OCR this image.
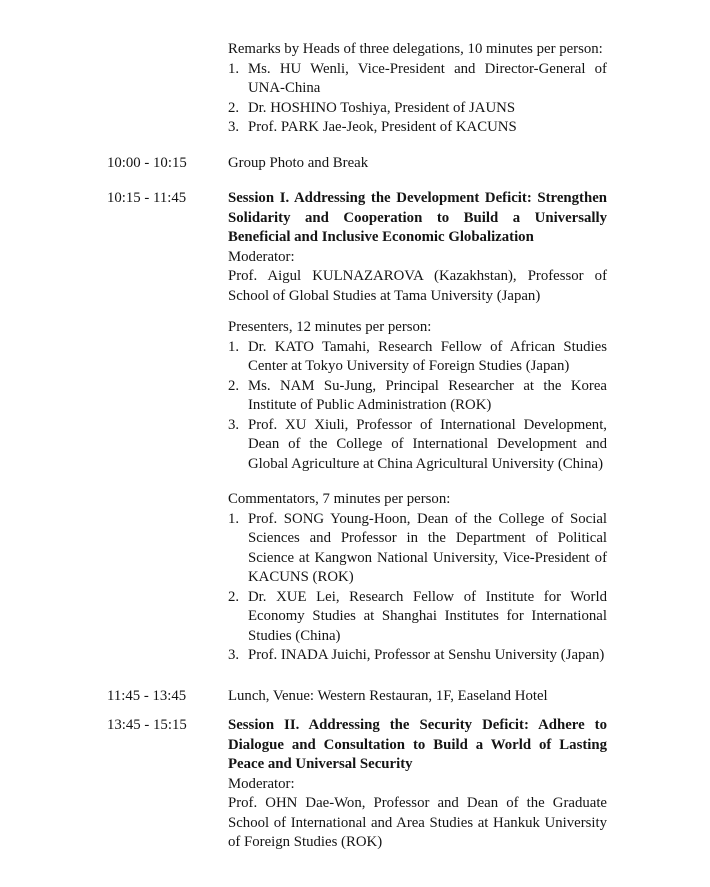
Remarks by Heads of three delegations, 10 minutes per person:

1. Ms. HU Wenli, Vice-President and Director-General of UNA-China
2. Dr. HOSHINO Toshiya, President of JAUNS
3. Prof. PARK Jae-Jeok, President of KACUNS
10:00 - 10:15	Group Photo and Break

10:15 - 11:45	Session I. Addressing the Development Deficit: Strengthen Solidarity and Cooperation to Build a Universally Beneficial and Inclusive Economic Globalization

Moderator:

Prof. Aigul KULNAZAROVA (Kazakhstan), Professor of School of Global Studies at Tama University (Japan)

Presenters, 12 minutes per person:

1. Dr. KATO Tamahi, Research Fellow of African Studies Center at Tokyo University of Foreign Studies (Japan)
2. Ms. NAM Su-Jung, Principal Researcher at the Korea Institute of Public Administration (ROK)
3. Prof. XU Xiuli, Professor of International Development, Dean of the College of International Development and Global Agriculture at China Agricultural University (China)

Commentators, 7 minutes per person:

1. Prof. SONG Young-Hoon, Dean of the College of Social Sciences and Professor in the Department of Political Science at Kangwon National University, Vice-President of KACUNS (ROK)
2. Dr. XUE Lei, Research Fellow of Institute for World Economy Studies at Shanghai Institutes for International Studies (China)
3. Prof. INADA Juichi, Professor at Senshu University (Japan)
11:45 - 13:45	Lunch, Venue: Western Restauran, 1F, Easeland Hotel

13:45 - 15:15	Session II. Addressing the Security Deficit: Adhere to Dialogue and Consultation to Build a World of Lasting Peace and Universal Security

Moderator:

Prof. OHN Dae-Won, Professor and Dean of the Graduate School of International and Area Studies at Hankuk University of Foreign Studies (ROK)
